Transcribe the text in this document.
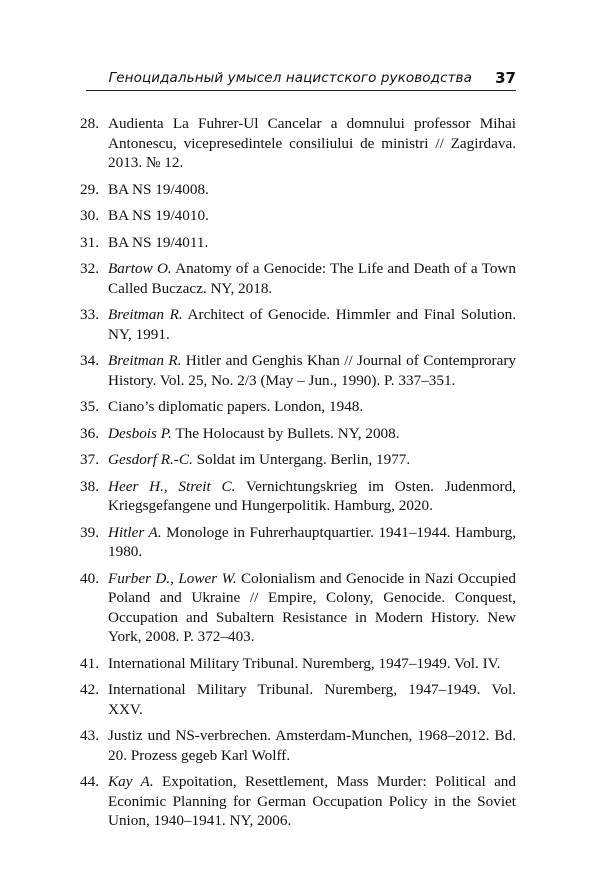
Геноцидальный умысел нацистского руководства 37
28. Audienta La Fuhrer-Ul Cancelar a domnului professor Mihai Antonescu, vicepresedintele consiliului de ministri // Zagirdava. 2013. № 12.
29. BA NS 19/4008.
30. BA NS 19/4010.
31. BA NS 19/4011.
32. Bartow O. Anatomy of a Genocide: The Life and Death of a Town Called Buczacz. NY, 2018.
33. Breitman R. Architect of Genocide. Himmler and Final Solution. NY, 1991.
34. Breitman R. Hitler and Genghis Khan // Journal of Contemprorary History. Vol. 25, No. 2/3 (May – Jun., 1990). P. 337–351.
35. Ciano’s diplomatic papers. London, 1948.
36. Desbois P. The Holocaust by Bullets. NY, 2008.
37. Gesdorf R.-C. Soldat im Untergang. Berlin, 1977.
38. Heer H., Streit C. Vernichtungskrieg im Osten. Judenmord, Kriegsgefangene und Hungerpolitik. Hamburg, 2020.
39. Hitler A. Monologe in Fuhrerhauptquartier. 1941–1944. Hamburg, 1980.
40. Furber D., Lower W. Colonialism and Genocide in Nazi Occupied Poland and Ukraine // Empire, Colony, Genocide. Conquest, Occupation and Subaltern Resistance in Modern History. New York, 2008. P. 372–403.
41. International Military Tribunal. Nuremberg, 1947–1949. Vol. IV.
42. International Military Tribunal. Nuremberg, 1947–1949. Vol. XXV.
43. Justiz und NS-verbrechen. Amsterdam-Munchen, 1968–2012. Bd. 20. Prozess gegeb Karl Wolff.
44. Kay A. Expoitation, Resettlement, Mass Murder: Political and Econimic Planning for German Occupation Policy in the Soviet Union, 1940–1941. NY, 2006.
